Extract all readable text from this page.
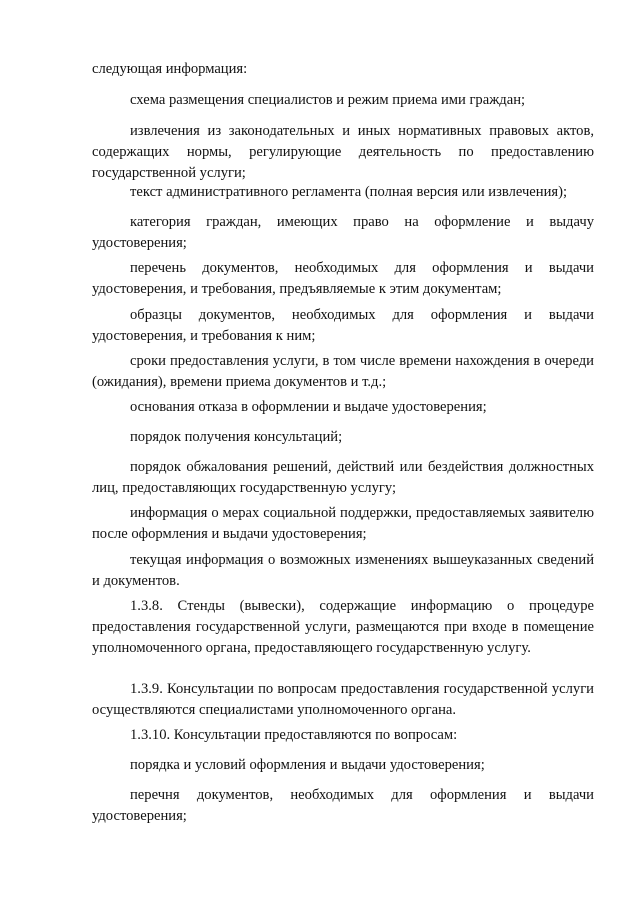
следующая информация:

схема размещения специалистов и режим приема ими граждан;

извлечения из законодательных и иных нормативных правовых актов, содержащих нормы, регулирующие деятельность по предоставлению государственной услуги;

текст административного регламента (полная версия или извлечения);

категория граждан, имеющих право на оформление и выдачу удостоверения;

перечень документов, необходимых для оформления и выдачи удостоверения, и требования, предъявляемые к этим документам;

образцы документов, необходимых для оформления и выдачи удостоверения, и требования к ним;

сроки предоставления услуги, в том числе времени нахождения в очереди (ожидания), времени приема документов и т.д.;

основания отказа в оформлении и выдаче удостоверения;

порядок получения консультаций;

порядок обжалования решений, действий или бездействия должностных лиц, предоставляющих государственную услугу;

информация о мерах социальной поддержки, предоставляемых заявителю после оформления и выдачи удостоверения;

текущая информация о возможных изменениях вышеуказанных сведений и документов.

1.3.8. Стенды (вывески), содержащие информацию о процедуре предоставления государственной услуги, размещаются при входе в помещение уполномоченного органа, предоставляющего государственную услугу.

1.3.9. Консультации по вопросам предоставления государственной услуги осуществляются специалистами уполномоченного органа.

1.3.10. Консультации предоставляются по вопросам:

порядка и условий оформления и выдачи удостоверения;

перечня документов, необходимых для оформления и выдачи удостоверения;
